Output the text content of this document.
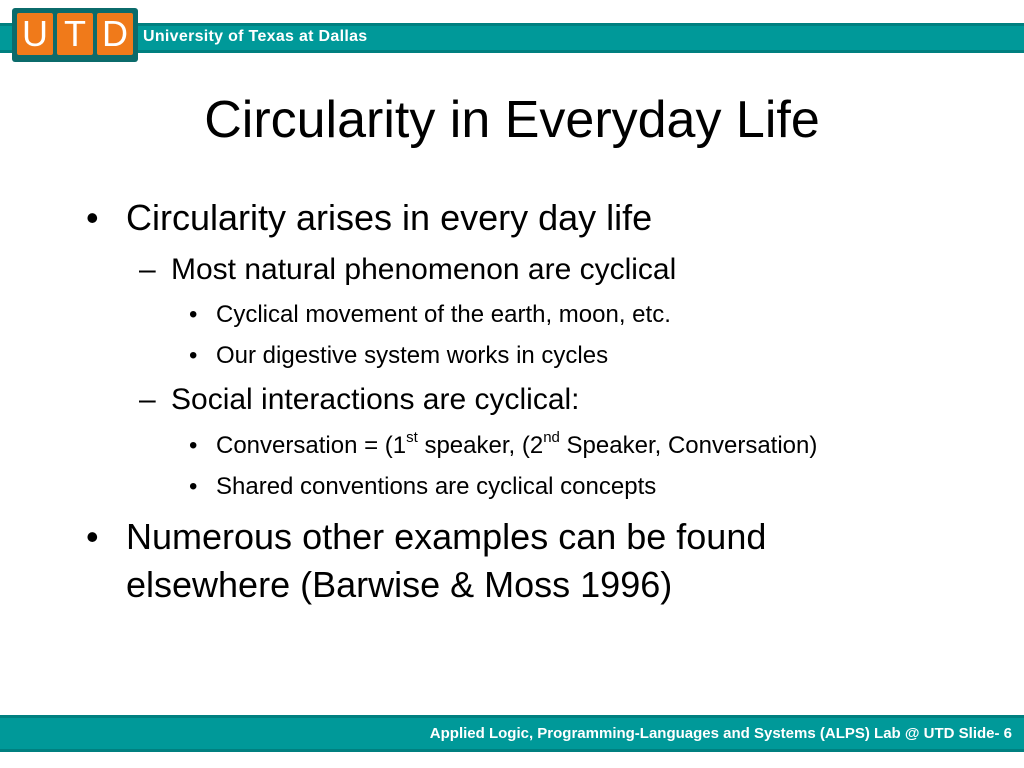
University of Texas at Dallas
U T D
Circularity in Everyday Life
• Circularity arises in every day life
– Most natural phenomenon are cyclical
• Cyclical movement of the earth, moon, etc.
• Our digestive system works in cycles
– Social interactions are cyclical:
• Conversation = (1st speaker, (2nd Speaker, Conversation)
• Shared conventions are cyclical concepts
• Numerous other examples can be found
elsewhere (Barwise & Moss 1996)
Applied Logic, Programming-Languages and Systems (ALPS) Lab @ UTD Slide- 6
